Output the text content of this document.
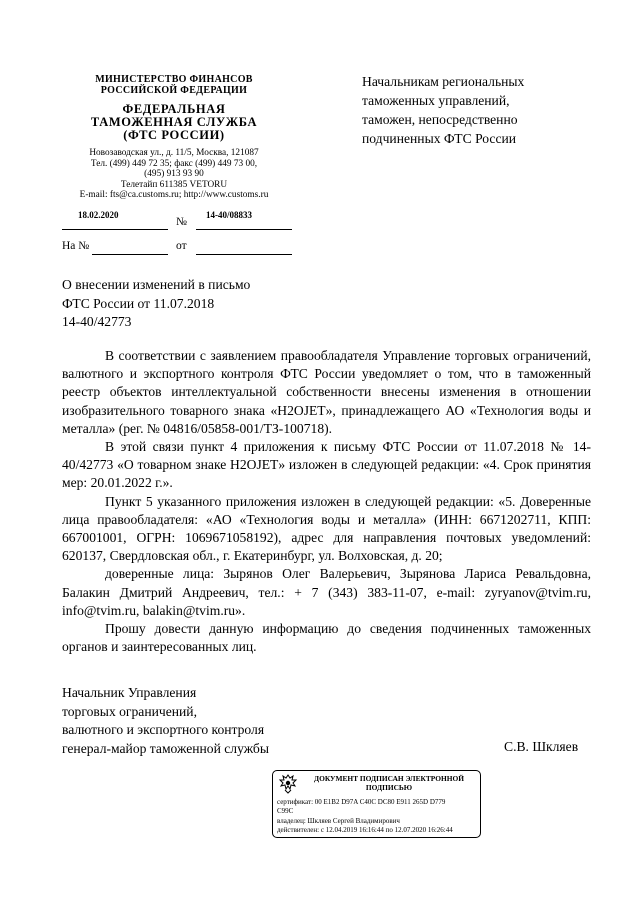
МИНИСТЕРСТВО ФИНАНСОВ
РОССИЙСКОЙ ФЕДЕРАЦИИ
ФЕДЕРАЛЬНАЯ
ТАМОЖЕННАЯ СЛУЖБА
(ФТС РОССИИ)
Новозаводская ул., д. 11/5, Москва, 121087
Тел. (499) 449 72 35; факс (499) 449 73 00,
(495) 913 93 90
Телетайп 611385 VETORU
E-mail: fts@ca.customs.ru; http://www.customs.ru
18.02.2020
№
14-40/08833
На №	от
Начальникам региональных
таможенных управлений,
таможен, непосредственно
подчиненных ФТС России
О внесении изменений в письмо
ФТС России от 11.07.2018
14-40/42773

В соответствии с заявлением правообладателя Управление торговых ограничений, валютного и экспортного контроля ФТС России уведомляет о том, что в таможенный реестр объектов интеллектуальной собственности внесены изменения в отношении изобразительного товарного знака «H2OJET», принадлежащего АО «Технология воды и металла» (рег. № 04816/05858-001/ТЗ-100718).

В этой связи пункт 4 приложения к письму ФТС России от 11.07.2018 № 14-40/42773 «О товарном знаке H2OJET» изложен в следующей редакции: «4. Срок принятия мер: 20.01.2022 г.».

Пункт 5 указанного приложения изложен в следующей редакции: «5. Доверенные лица правообладателя: «АО «Технология воды и металла» (ИНН: 6671202711, КПП: 667001001, ОГРН: 1069671058192), адрес для направления почтовых уведомлений: 620137, Свердловская обл., г. Екатеринбург, ул. Волховская, д. 20;

доверенные лица: Зырянов Олег Валерьевич, Зырянова Лариса Ревальдовна, Балакин Дмитрий Андреевич, тел.: + 7 (343) 383-11-07, e-mail: zyryanov@tvim.ru, info@tvim.ru, balakin@tvim.ru».

Прошу довести данную информацию до сведения подчиненных таможенных органов и заинтересованных лиц.

Начальник Управления
торговых ограничений,
валютного и экспортного контроля
генерал-майор таможенной службы	С.В. Шкляев
ДОКУМЕНТ ПОДПИСАН ЭЛЕКТРОННОЙ
ПОДПИСЬЮ
сертификат: 00 E1B2 D97A C40C DC80 E911 265D D779
C99C
владелец: Шкляев Сергей Владимирович
действителен: с 12.04.2019 16:16:44 по 12.07.2020 16:26:44
